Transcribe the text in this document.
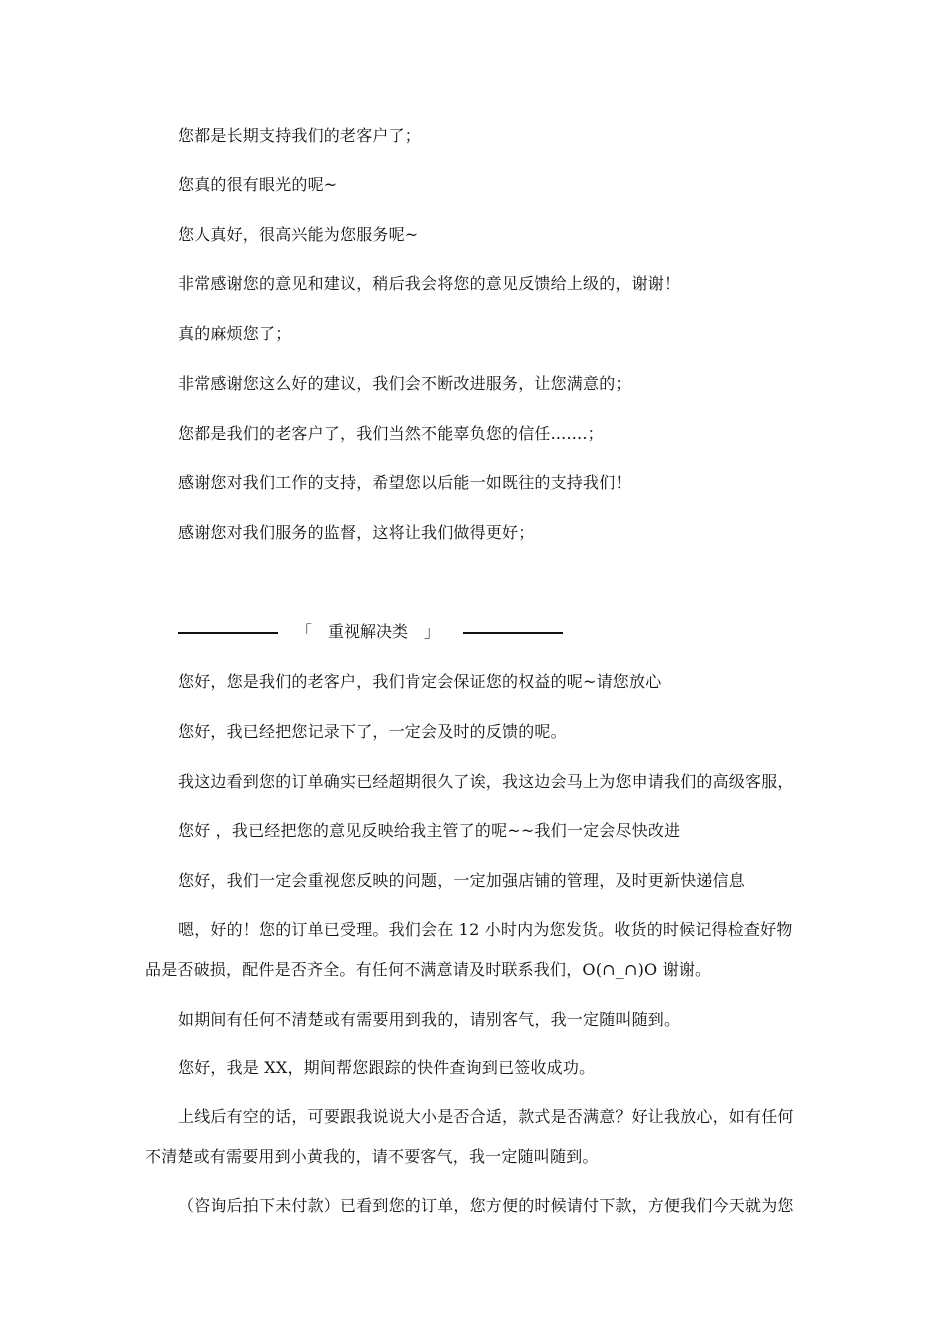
您都是长期支持我们的老客户了；
您真的很有眼光的呢~
您人真好，很高兴能为您服务呢~
非常感谢您的意见和建议，稍后我会将您的意见反馈给上级的，谢谢！
真的麻烦您了；
非常感谢您这么好的建议，我们会不断改进服务，让您满意的；
您都是我们的老客户了，我们当然不能辜负您的信任.......；
感谢您对我们工作的支持，希望您以后能一如既往的支持我们！
感谢您对我们服务的监督，这将让我们做得更好；
「　重视解决类　」
您好，您是我们的老客户，我们肯定会保证您的权益的呢~请您放心
您好，我已经把您记录下了，一定会及时的反馈的呢。
我这边看到您的订单确实已经超期很久了诶，我这边会马上为您申请我们的高级客服，
您好 ，我已经把您的意见反映给我主管了的呢~~我们一定会尽快改进
您好，我们一定会重视您反映的问题，一定加强店铺的管理，及时更新快递信息
嗯，好的！您的订单已受理。我们会在 12 小时内为您发货。收货的时候记得检查好物
品是否破损，配件是否齐全。有任何不满意请及时联系我们，O(∩_∩)O 谢谢。
如期间有任何不清楚或有需要用到我的，请别客气，我一定随叫随到。
您好，我是 XX，期间帮您跟踪的快件查询到已签收成功。
上线后有空的话，可要跟我说说大小是否合适，款式是否满意？好让我放心，如有任何
不清楚或有需要用到小黄我的，请不要客气，我一定随叫随到。
（咨询后拍下未付款）已看到您的订单，您方便的时候请付下款，方便我们今天就为您
